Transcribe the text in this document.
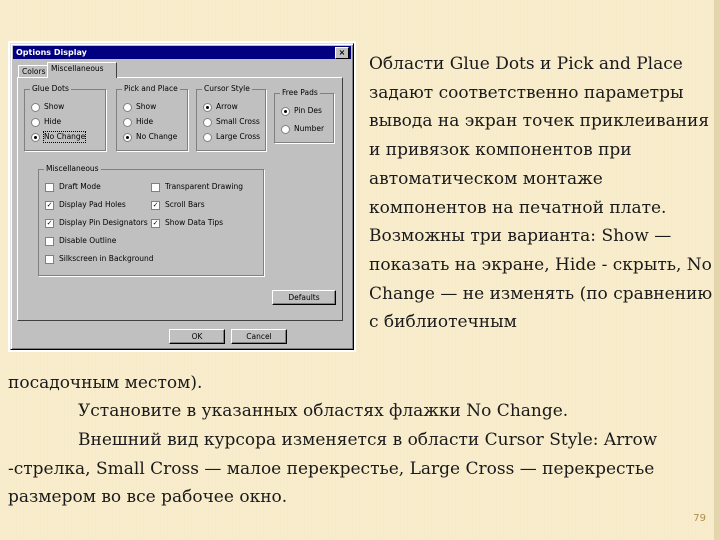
Options Display	×
Colors Miscellaneous
Glue Dots
Show
Hide
No Change
Pick and Place
Show
Hide
No Change
Cursor Style
Arrow
Small Cross
Large Cross
Free Pads
Pin Des
Number
Miscellaneous
Draft Mode
✓ Display Pad Holes
✓ Display Pin Designators
Disable Outline
Silkscreen in Background
Transparent Drawing
✓ Scroll Bars
✓ Show Data Tips
Defaults
OK	Cancel

Области Glue Dots и Pick and Place задают соответственно параметры вывода на экран точек приклеивания и привязок компонентов при автоматическом монтаже компонентов на печатной плате. Возможны три варианта: Show — показать на экране, Hide - скрыть, No Change — не изменять (по сравнению с библиотечным

посадочным местом).

Установите в указанных областях флажки No Change.

Внешний вид курсора изменяется в области Cursor Style: Arrow -стрелка, Small Cross — малое перекрестье, Large Cross — перекрестье размером во все рабочее окно.

79
